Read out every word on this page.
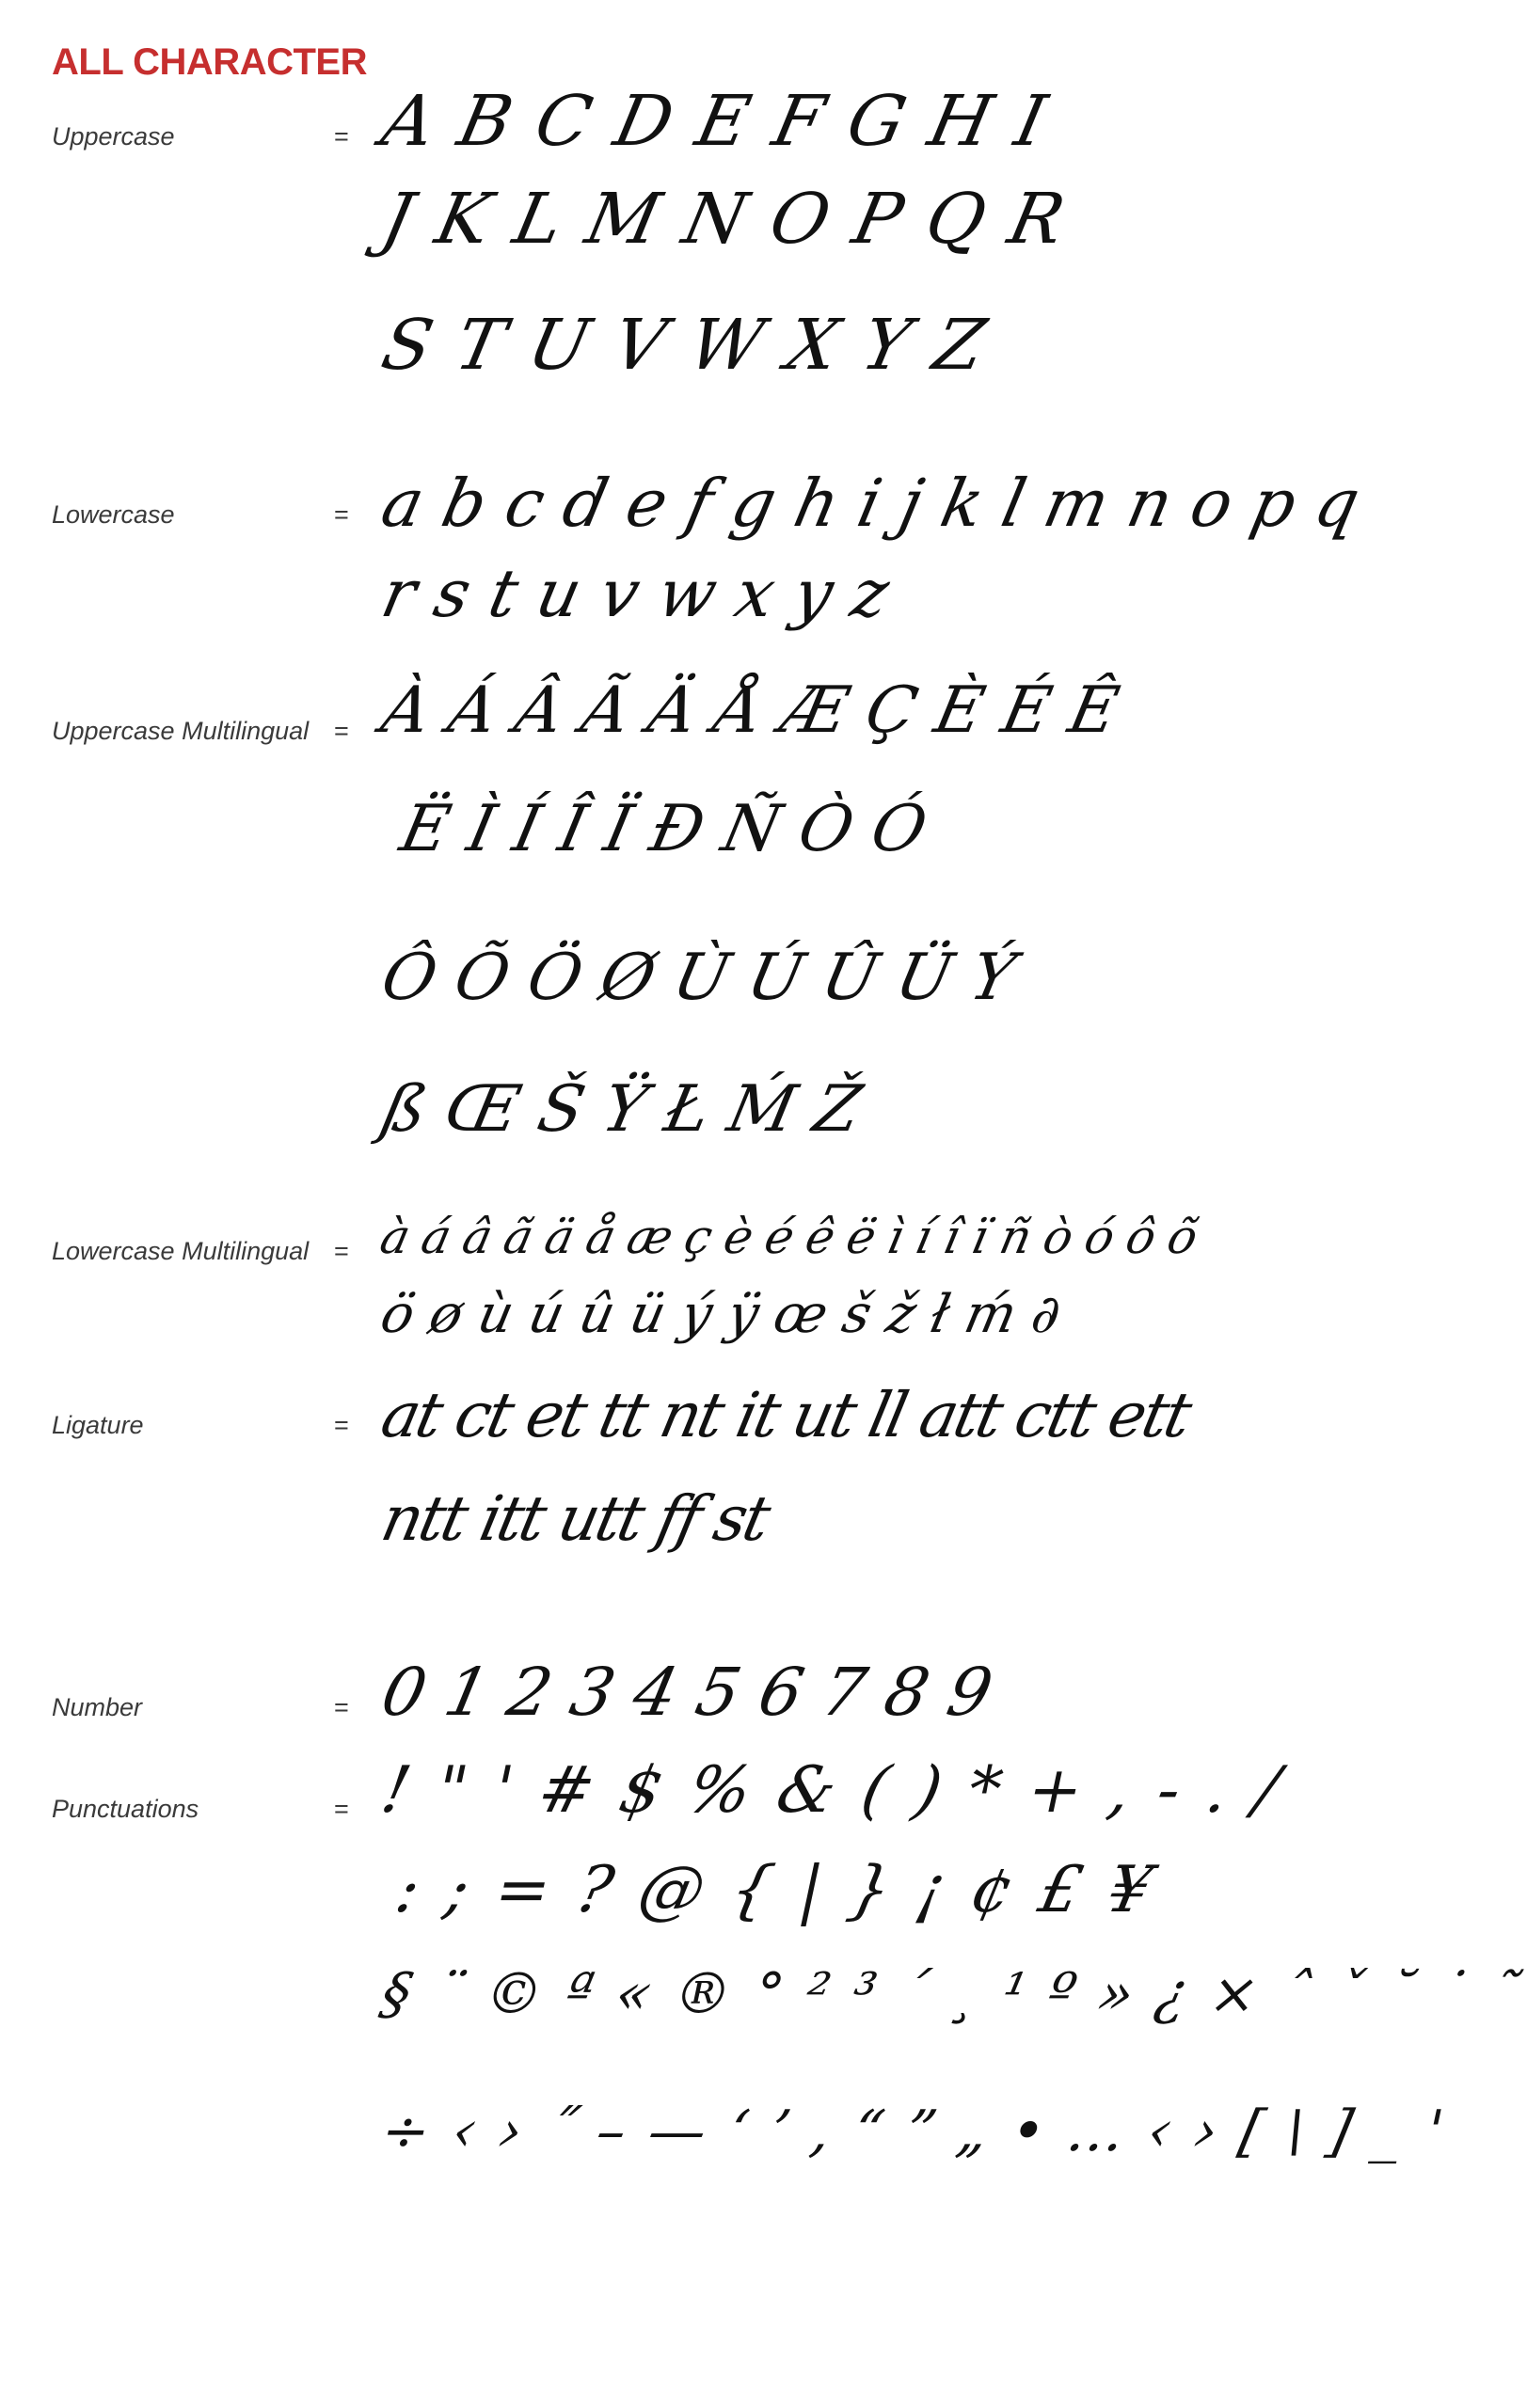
ALL CHARACTER
Uppercase	= A B C D E F G H I
J K L M N O P Q R
S T U V W X Y Z
Lowercase	= a b c d e f g h i j k l m n o p q
r s t u v w x y z
Uppercase Multilingual = À Á Â Ã Ä Å Æ Ç È É Ê
Ë Ì Í Î Ï Ð Ñ Ò Ó
Ô Õ Ö Ø Ù Ú Û Ü Ý
ß Œ Š Ÿ Ł Ḿ Ž
Lowercase Multilingual = à á â ã ä å æ ç è é ê ë ì í î ï ñ ò ó ô õ
ö ø ù ú û ü ý ÿ œ š ž ł ḿ ∂
Ligature	= at ct et tt nt it ut ll att ctt ett
ntt itt utt ff st
Number	= 0 1 2 3 4 5 6 7 8 9
Punctuations	= ! " ' # $ % & ( ) * + , - . /
: ; = ? @ { | } ¡ ¢ £ ¥
§ ¨ © ª « ® ° ² ³ ´ ¸ ¹ º » ¿ × ˆ ˇ ˘ ˙ ˜
÷ ‹ › ˝ – — ‘ ’ ‚ “ ” „ • … ‹ › [ \ ] _ '
